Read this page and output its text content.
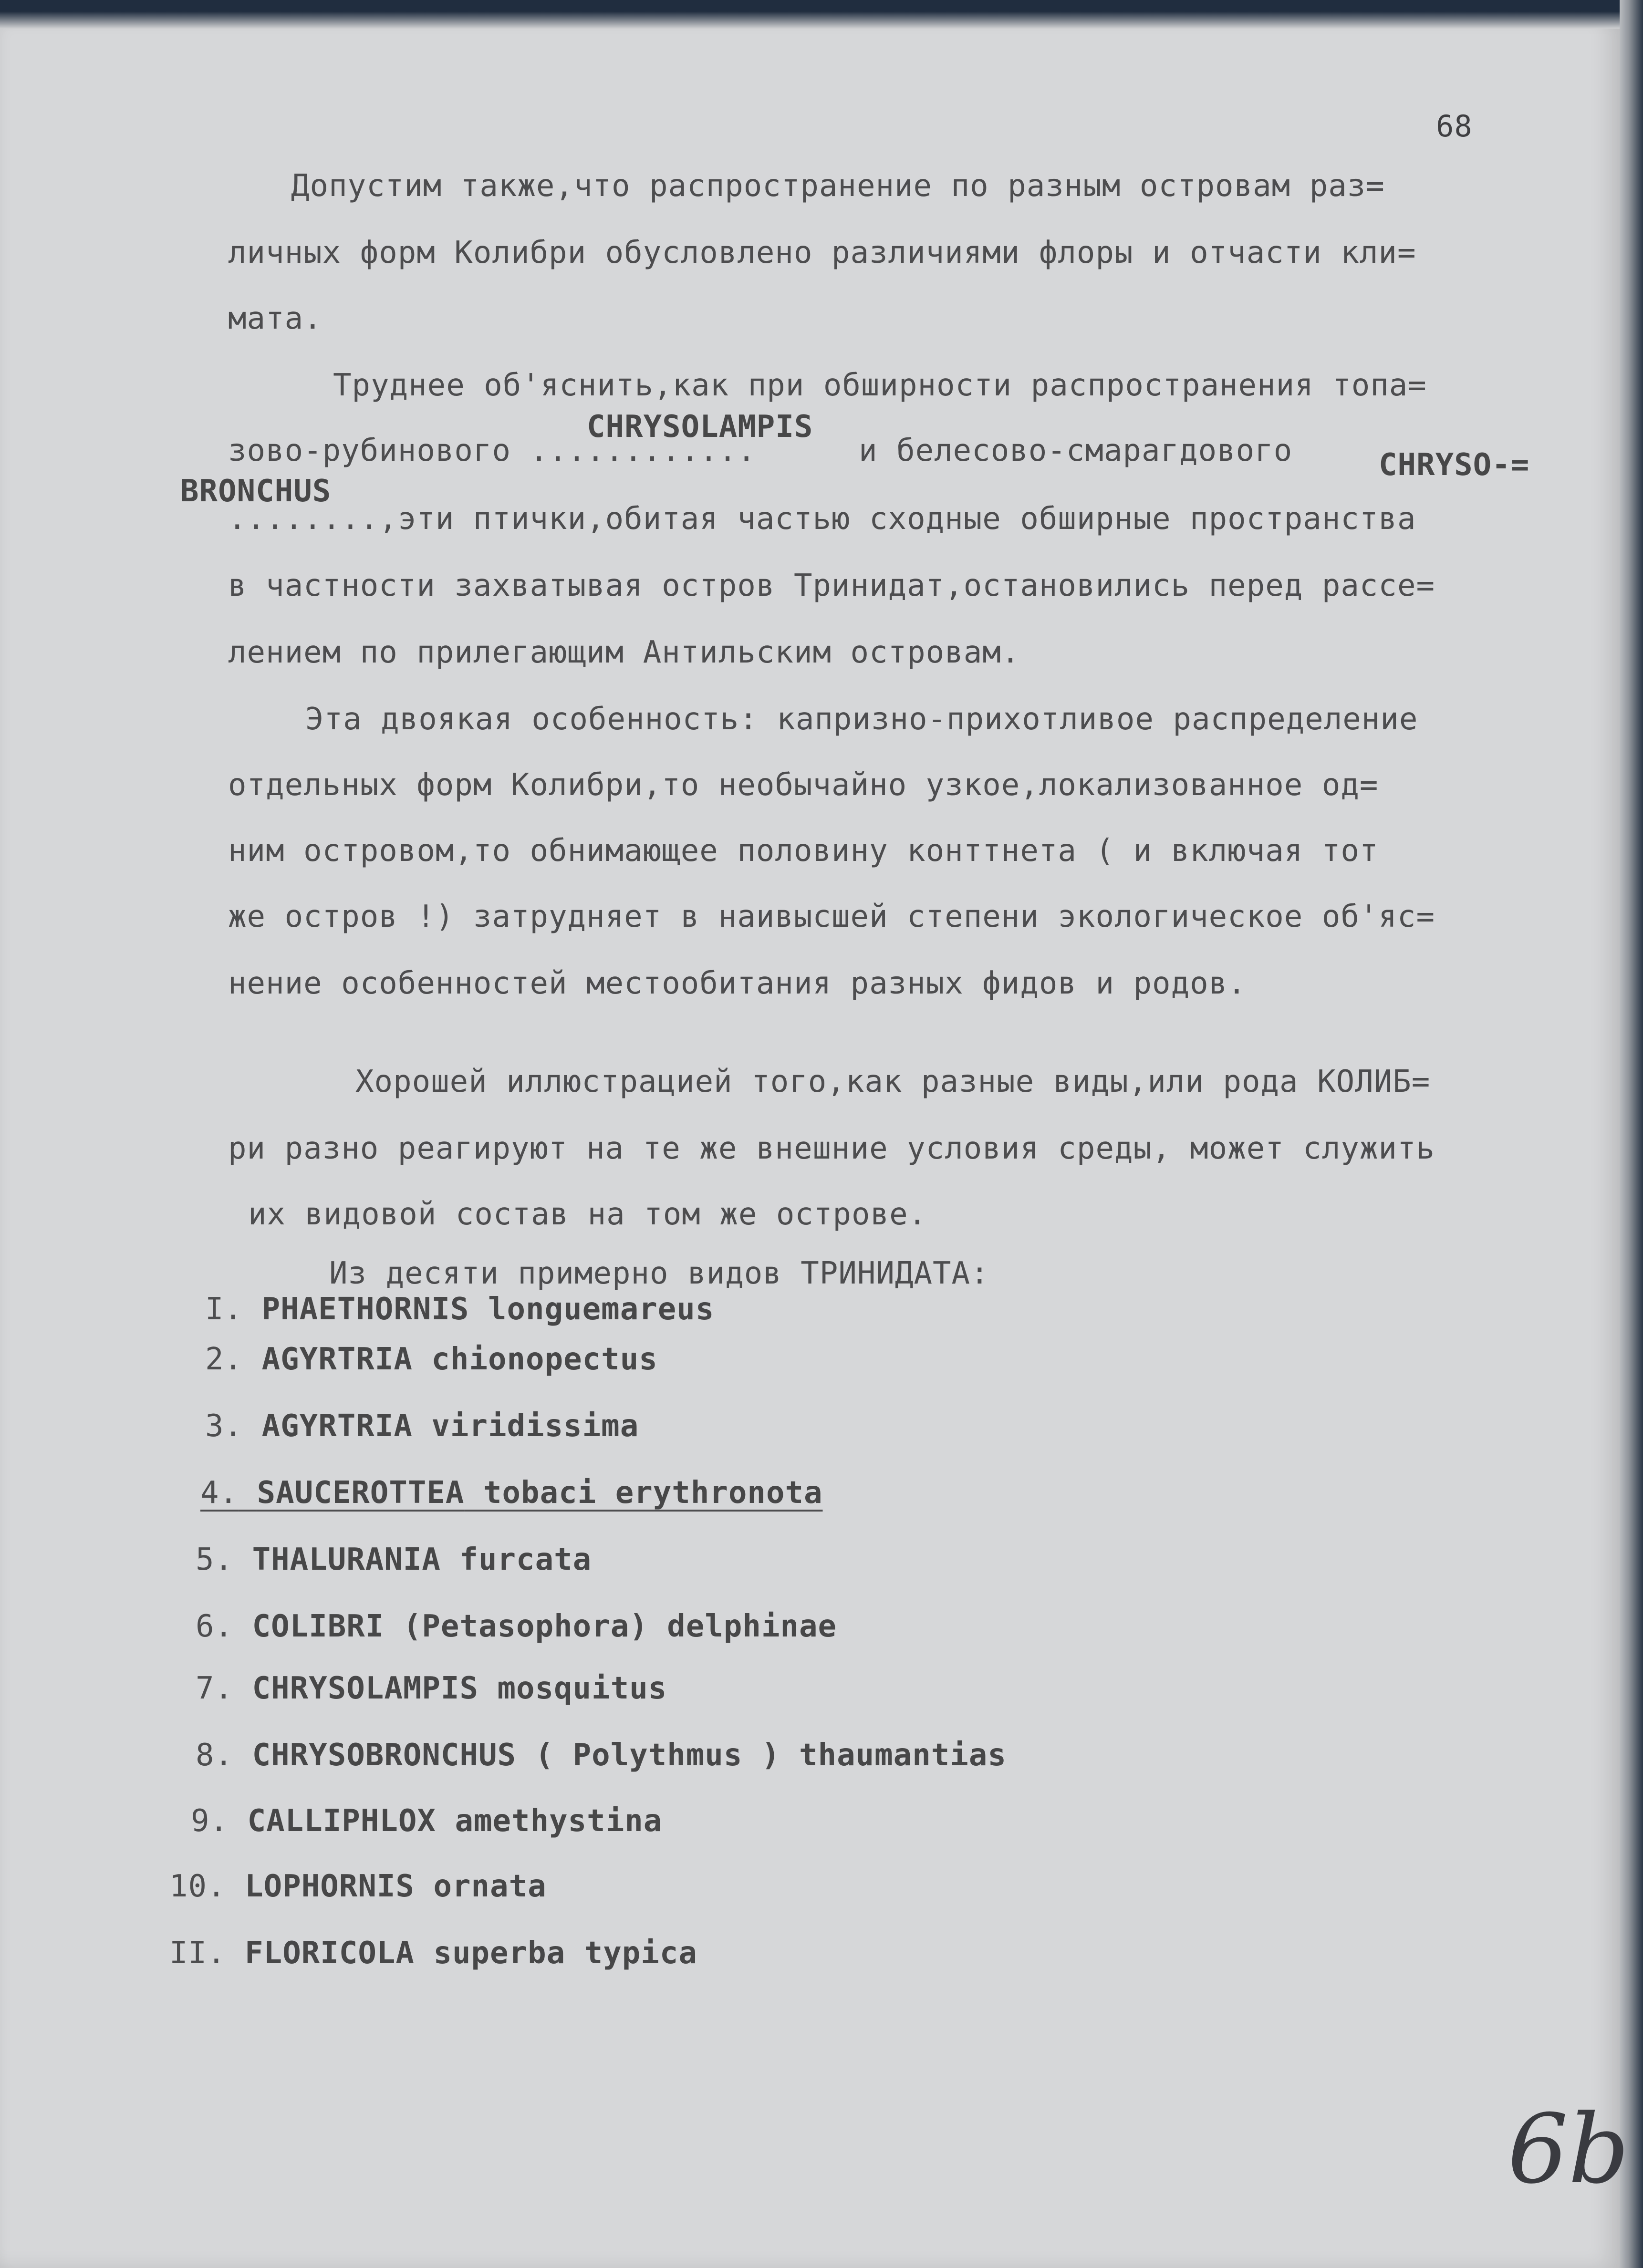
68
Допустим также,что распространение по разным островам раз=
личных форм Колибри обусловлено различиями флоры и отчасти кли=
мата.
Труднее об'яснить,как при обширности распространения топа=
CHRYSOLAMPIS
зово-рубинового ............	и белесово-смарагдового	CHRYSO-=
BRONCHUS
........,эти птички,обитая частью сходные обширные пространства
в частности захватывая остров Тринидат,остановились перед рассе=
лением по прилегающим Антильским островам.
Эта двоякая особенность: капризно-прихотливое распределение
отдельных форм Колибри,то необычайно узкое,локализованное од=
ним островом,то обнимающее половину конттнета ( и включая тот
же остров !) затрудняет в наивысшей степени экологическое об'яс=
нение особенностей местообитания разных фидов и родов.
Хорошей иллюстрацией того,как разные виды,или рода КОЛИБ=
ри разно реагируют на те же внешние условия среды, может служить
их видовой состав на том же острове.
Из десяти примерно видов ТРИНИДАТА:
I. PHAETHORNIS longuemareus
2. AGYRTRIA chionopectus
3. AGYRTRIA viridissima
4. SAUCEROTTEA tobaci erythronota
5. THALURANIA furcata
6. COLIBRI (Petasophora) delphinae
7. CHRYSOLAMPIS mosquitus
8. CHRYSOBRONCHUS ( Polythmus ) thaumantias
9. CALLIPHLOX amethystina
10. LOPHORNIS ornata
II. FLORICOLA superba typica
6b
